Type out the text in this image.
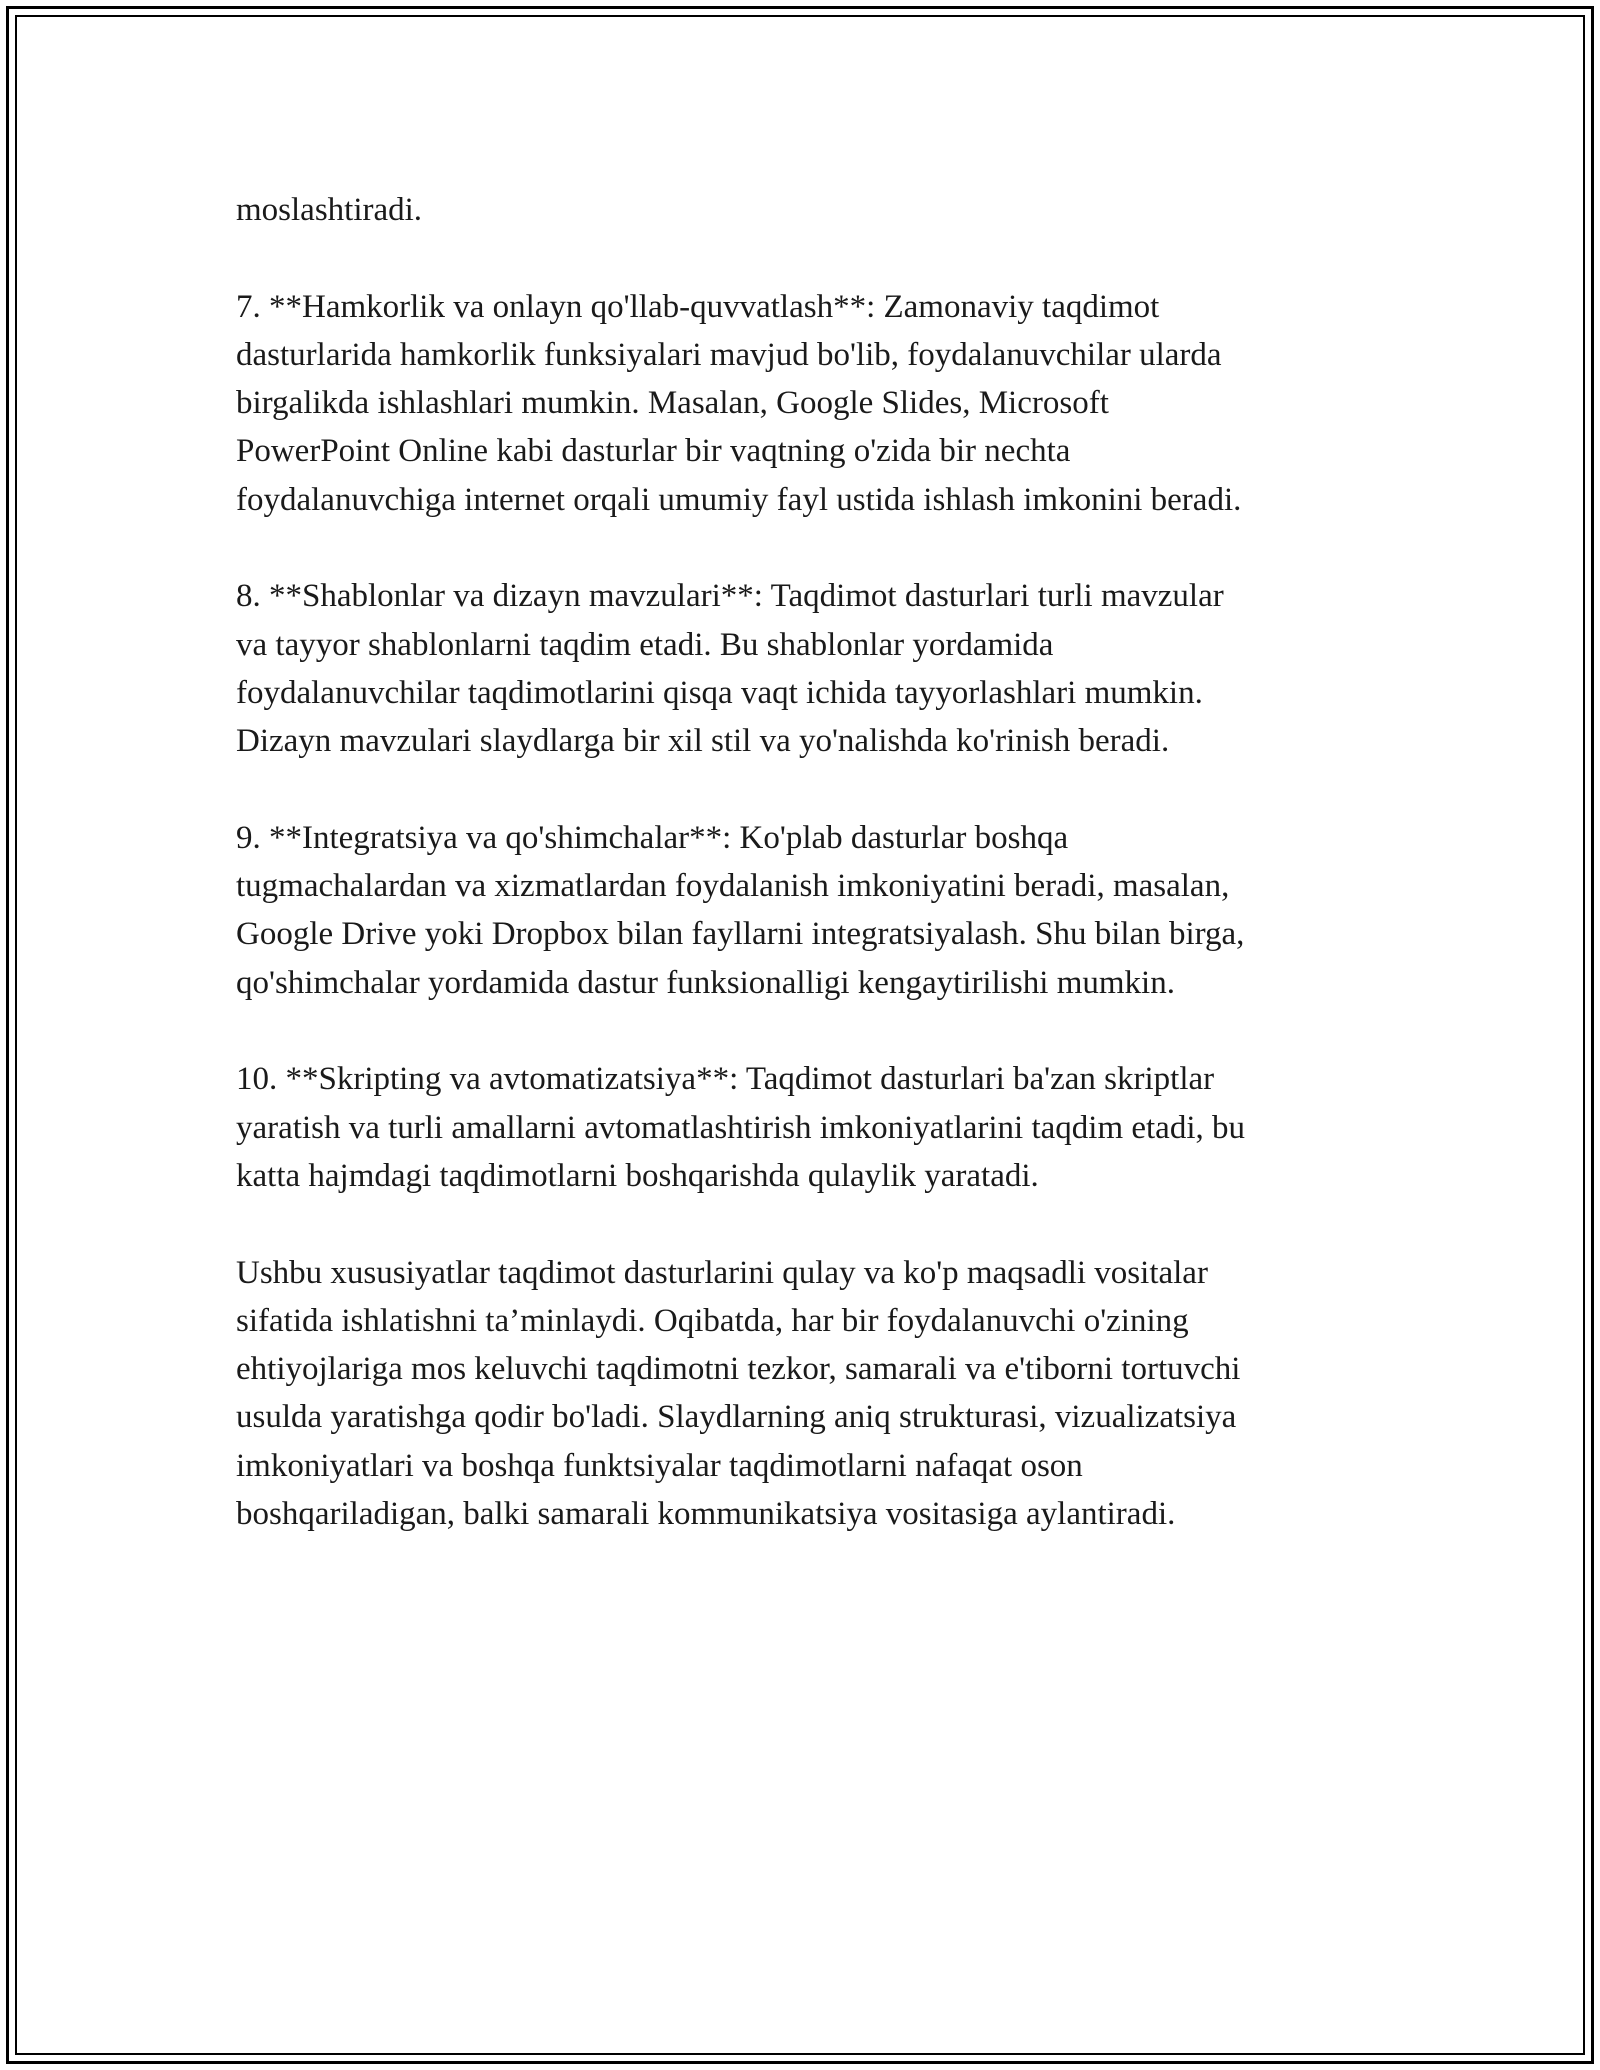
moslashtiradi.

7. **Hamkorlik va onlayn qo'llab-quvvatlash**: Zamonaviy taqdimot
dasturlarida hamkorlik funksiyalari mavjud bo'lib, foydalanuvchilar ularda
birgalikda ishlashlari mumkin. Masalan, Google Slides, Microsoft
PowerPoint Online kabi dasturlar bir vaqtning o'zida bir nechta
foydalanuvchiga internet orqali umumiy fayl ustida ishlash imkonini beradi.

8. **Shablonlar va dizayn mavzulari**: Taqdimot dasturlari turli mavzular
va tayyor shablonlarni taqdim etadi. Bu shablonlar yordamida
foydalanuvchilar taqdimotlarini qisqa vaqt ichida tayyorlashlari mumkin.
Dizayn mavzulari slaydlarga bir xil stil va yo'nalishda ko'rinish beradi.

9. **Integratsiya va qo'shimchalar**: Ko'plab dasturlar boshqa
tugmachalardan va xizmatlardan foydalanish imkoniyatini beradi, masalan,
Google Drive yoki Dropbox bilan fayllarni integratsiyalash. Shu bilan birga,
qo'shimchalar yordamida dastur funksionalligi kengaytirilishi mumkin.

10. **Skripting va avtomatizatsiya**: Taqdimot dasturlari ba'zan skriptlar
yaratish va turli amallarni avtomatlashtirish imkoniyatlarini taqdim etadi, bu
katta hajmdagi taqdimotlarni boshqarishda qulaylik yaratadi.

Ushbu xususiyatlar taqdimot dasturlarini qulay va ko'p maqsadli vositalar
sifatida ishlatishni ta’minlaydi. Oqibatda, har bir foydalanuvchi o'zining
ehtiyojlariga mos keluvchi taqdimotni tezkor, samarali va e'tiborni tortuvchi
usulda yaratishga qodir bo'ladi. Slaydlarning aniq strukturasi, vizualizatsiya
imkoniyatlari va boshqa funktsiyalar taqdimotlarni nafaqat oson
boshqariladigan, balki samarali kommunikatsiya vositasiga aylantiradi.
